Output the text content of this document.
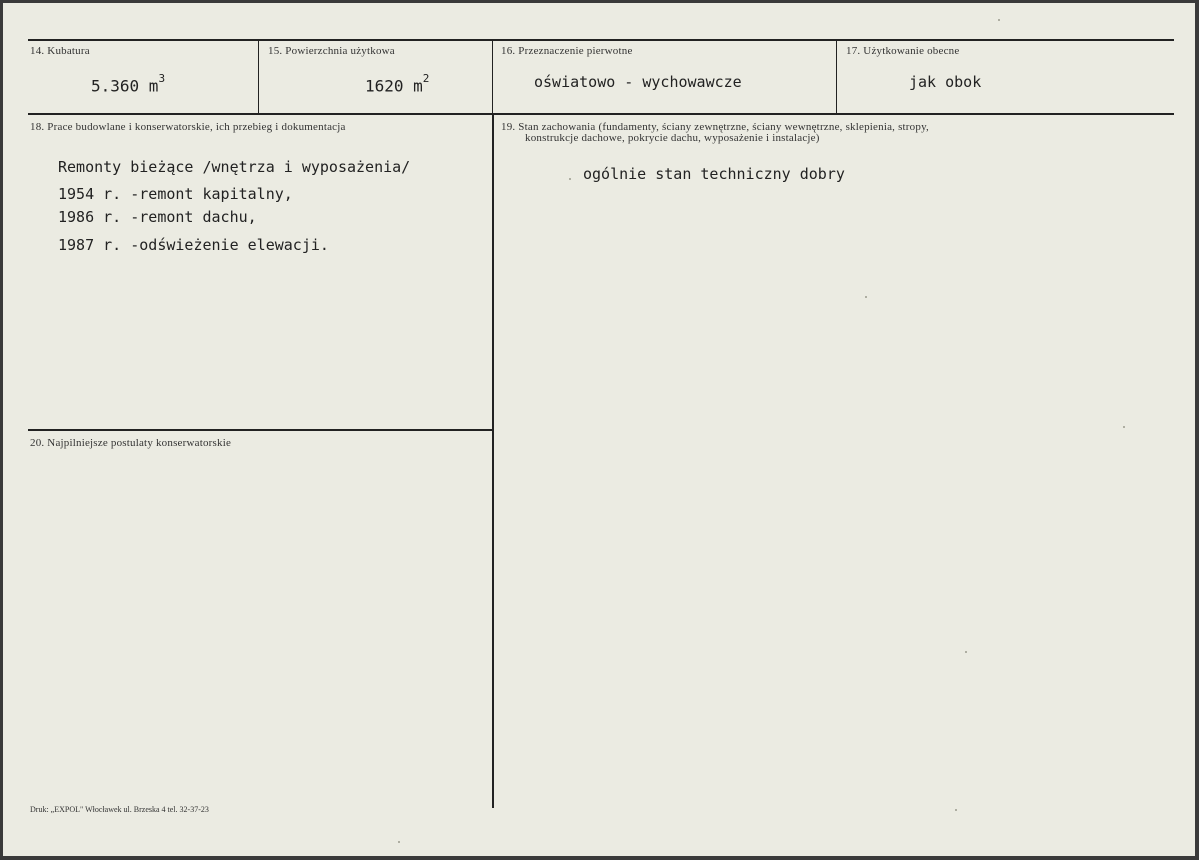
14. Kubatura
5.360 $m^3$
15. Powierzchnia użytkowa
1620 $m^2$
16. Przeznaczenie pierwotne
oświatowo - wychowawcze
17. Użytkowanie obecne
jak obok
18. Prace budowlane i konserwatorskie, ich przebieg i dokumentacja
Remonty bieżące /wnętrza i wyposażenia/
1954 r. -remont kapitalny,
1986 r. -remont dachu,
1987 r. -odświeżenie elewacji.
19. Stan zachowania (fundamenty, ściany zewnętrzne, ściany wewnętrzne, sklepienia, stropy,
konstrukcje dachowe, pokrycie dachu, wyposażenie i instalacje)
ogólnie stan techniczny dobry
20. Najpilniejsze postulaty konserwatorskie
Druk: „EXPOL" Włocławek ul. Brzeska 4 tel. 32-37-23
